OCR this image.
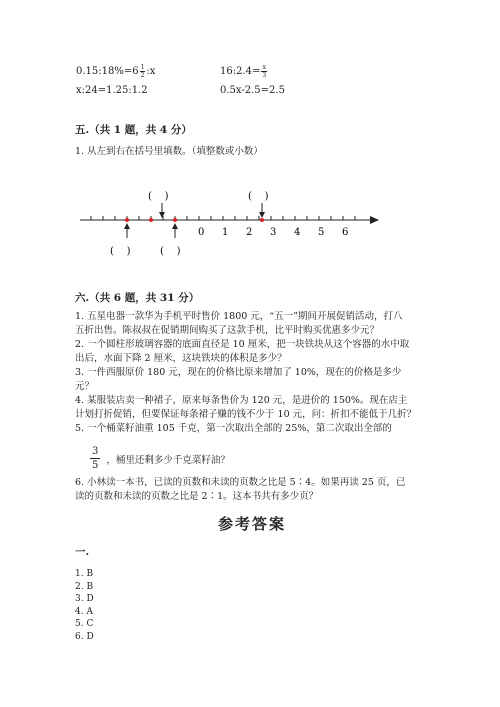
0.15:18%=6 $\frac{1}{2}$ :x	16:2.4= $\frac{x}{3}$
x:24=1.25:1.2	0.5x-2.5=2.5
五.（共 1 题，共 4 分）
1. 从左到右在括号里填数。（填整数或小数）
0 1 2 3 4 5 6
(    )	(    )
(    )	(    )
六.（共 6 题，共 31 分）
1. 五星电器一款华为手机平时售价 1800 元，“五一”期间开展促销活动，打八
五折出售。陈叔叔在促销期间购买了这款手机，比平时购买优惠多少元？
2. 一个圆柱形玻璃容器的底面直径是 10 厘米，把一块铁块从这个容器的水中取
出后，水面下降 2 厘米，这块铁块的体积是多少？
3. 一件西服原价 180 元，现在的价格比原来增加了 10%，现在的价格是多少
元？
4. 某服装店卖一种裙子，原来每条售价为 120 元，是进价的 150%。现在店主
计划打折促销，但要保证每条裙子赚的钱不少于 10 元，问：折扣不能低于几折？
5. 一个桶菜籽油重 105 千克，第一次取出全部的 25%，第二次取出全部的
$\frac{3}{5}$ ，桶里还剩多少千克菜籽油？
6. 小林读一本书，已读的页数和未读的页数之比是 5∶4。如果再读 25 页，已
读的页数和未读的页数之比是 2∶1。这本书共有多少页？
参考答案
一.
1. B
2. B
3. D
4. A
5. C
6. D
